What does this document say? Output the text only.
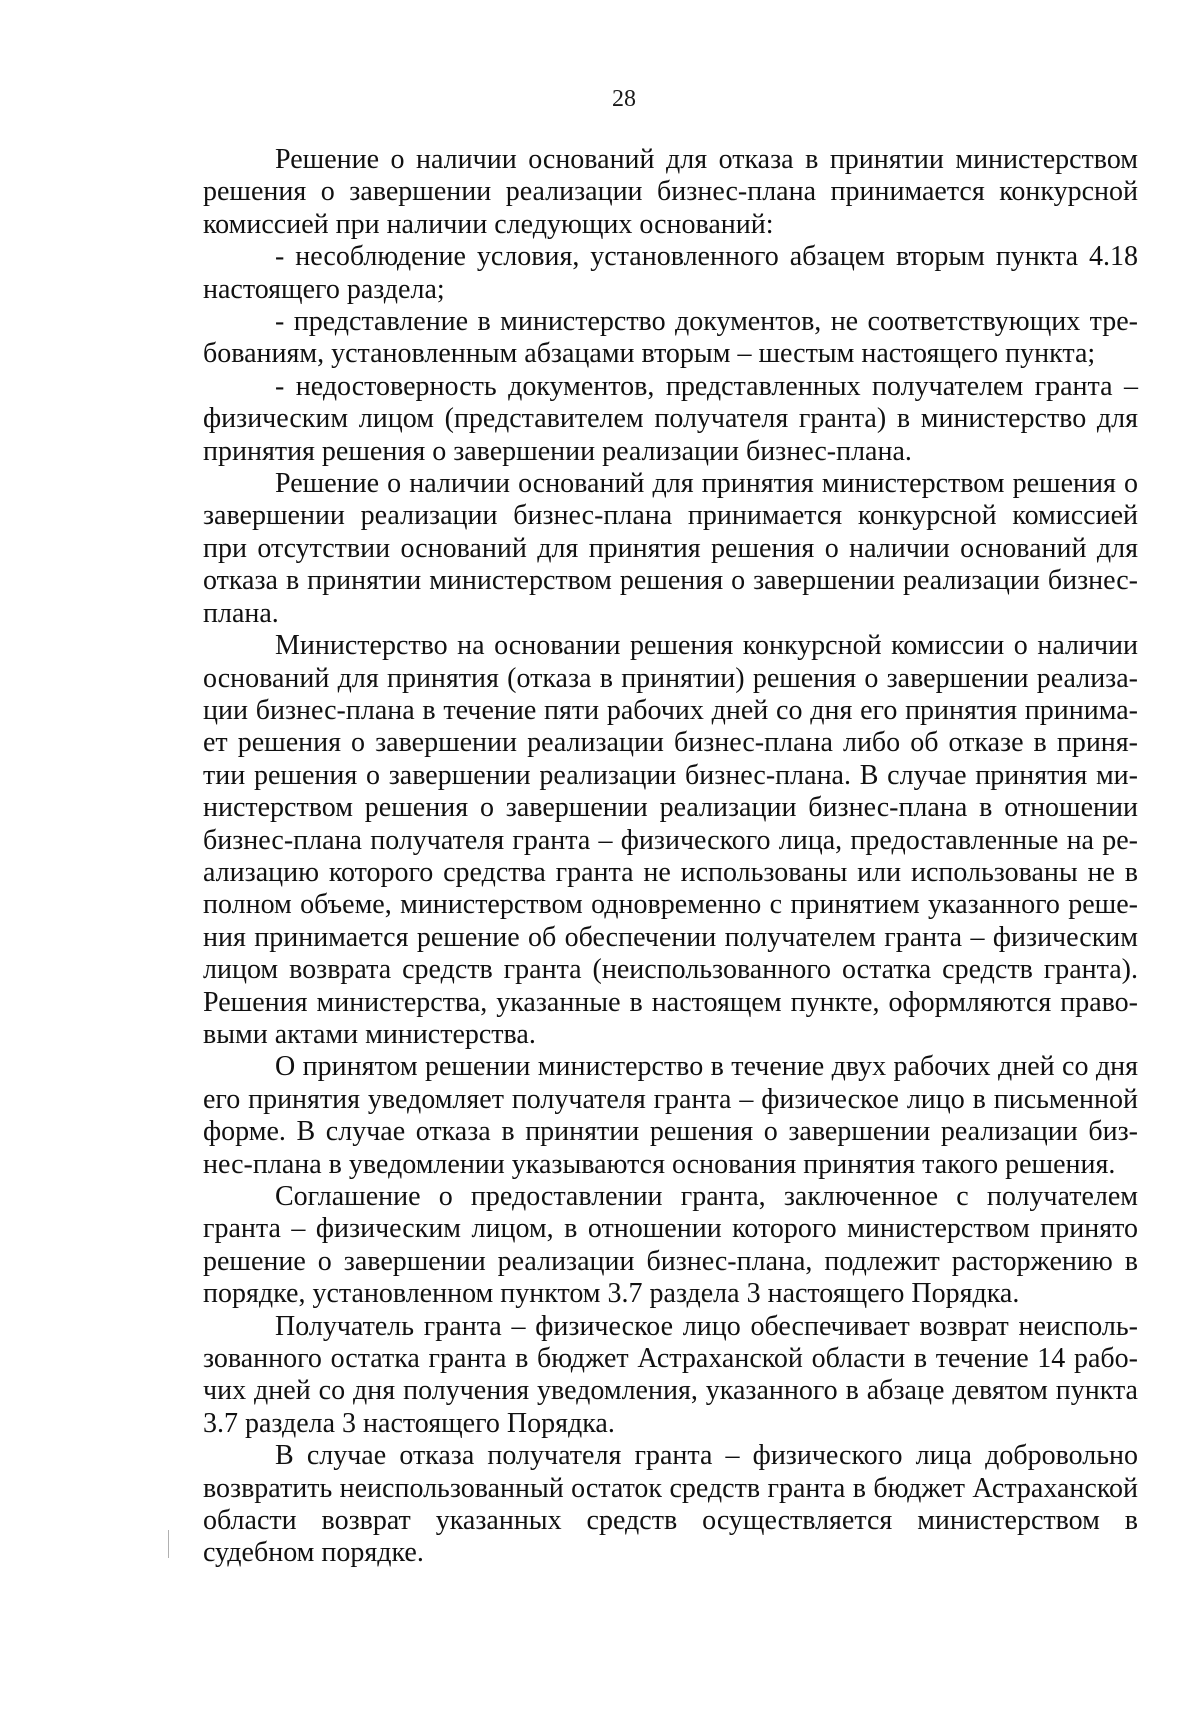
28

Решение о наличии оснований для отказа в принятии министерством решения о завершении реализации бизнес-плана принимается конкурсной комиссией при наличии следующих оснований:

- несоблюдение условия, установленного абзацем вторым пункта 4.18 настоящего раздела;

- представление в министерство документов, не соответствующих требованиям, установленным абзацами вторым – шестым настоящего пункта;

- недостоверность документов, представленных получателем гранта – физическим лицом (представителем получателя гранта) в министерство для принятия решения о завершении реализации бизнес-плана.

Решение о наличии оснований для принятия министерством решения о завершении реализации бизнес-плана принимается конкурсной комиссией при отсутствии оснований для принятия решения о наличии оснований для отказа в принятии министерством решения о завершении реализации бизнесплана.

Министерство на основании решения конкурсной комиссии о наличии оснований для принятия (отказа в принятии) решения о завершении реализации бизнес-плана в течение пяти рабочих дней со дня его принятия принимает решения о завершении реализации бизнес-плана либо об отказе в принятии решения о завершении реализации бизнес-плана. В случае принятия министерством решения о завершении реализации бизнес-плана в отношении бизнес-плана получателя гранта – физического лица, предоставленные на реализацию которого средства гранта не использованы или использованы не в полном объеме, министерством одновременно с принятием указанного решения принимается решение об обеспечении получателем гранта – физическим лицом возврата средств гранта (неиспользованного остатка средств гранта). Решения министерства, указанные в настоящем пункте, оформляются правовыми актами министерства.

О принятом решении министерство в течение двух рабочих дней со дня его принятия уведомляет получателя гранта – физическое лицо в письменной форме. В случае отказа в принятии решения о завершении реализации бизнес-плана в уведомлении указываются основания принятия такого решения.

Соглашение о предоставлении гранта, заключенное с получателем гранта – физическим лицом, в отношении которого министерством принято решение о завершении реализации бизнес-плана, подлежит расторжению в порядке, установленном пунктом 3.7 раздела 3 настоящего Порядка.

Получатель гранта – физическое лицо обеспечивает возврат неиспользованного остатка гранта в бюджет Астраханской области в течение 14 рабочих дней со дня получения уведомления, указанного в абзаце девятом пункта 3.7 раздела 3 настоящего Порядка.

В случае отказа получателя гранта – физического лица добровольно возвратить неиспользованный остаток средств гранта в бюджет Астраханской области возврат указанных средств осуществляется министерством в судебном порядке.
